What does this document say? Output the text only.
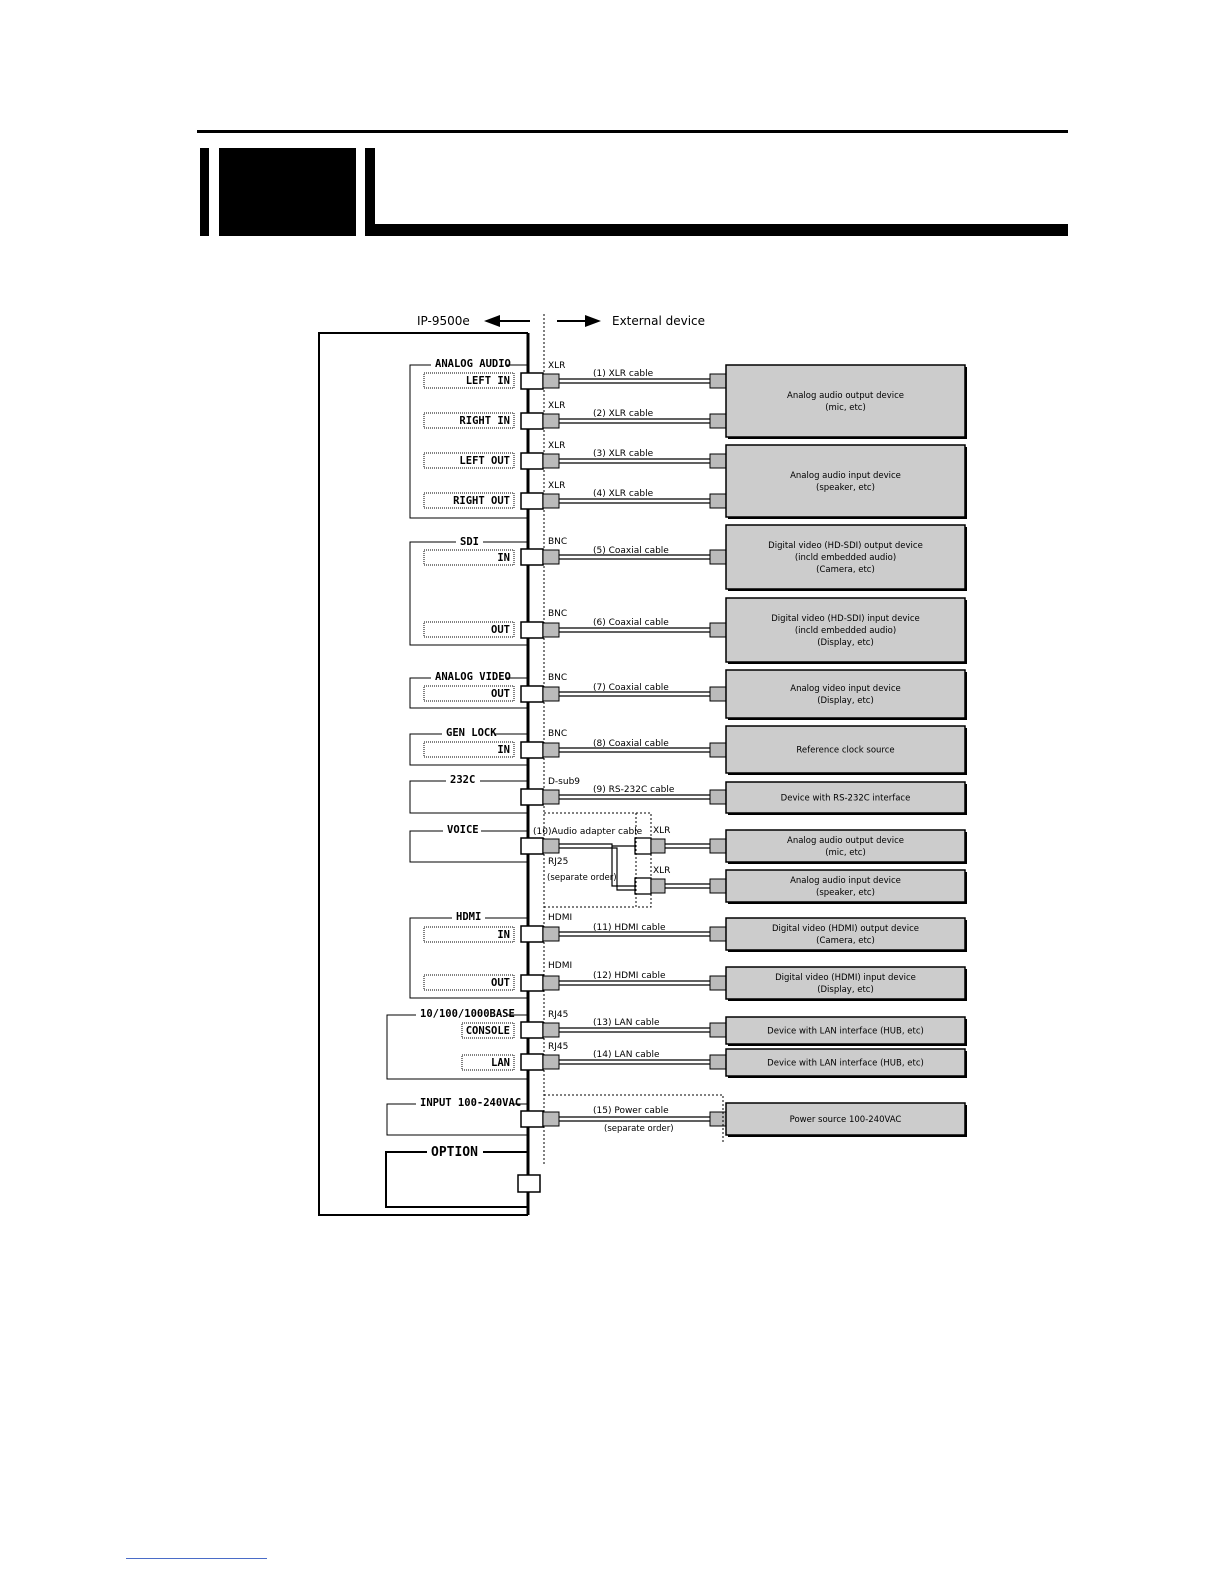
IP-9500e	External device
ANALOG AUDIO
SDI
ANALOG VIDEO
GEN LOCK
232C
VOICE
HDMI
10/100/1000BASE
INPUT 100-240VAC
OPTION
LEFT IN
RIGHT IN
LEFT OUT
RIGHT OUT
IN
OUT
OUT
IN
IN
OUT
CONSOLE
LAN
XLR
XLR
XLR
XLR
BNC
BNC
BNC
BNC
D-sub9
RJ25
HDMI
HDMI
RJ45
RJ45
(1) XLR cable
(2) XLR cable
(3) XLR cable
(4) XLR cable
(5) Coaxial cable
(6) Coaxial cable
(7) Coaxial cable
(8) Coaxial cable
(9) RS-232C cable
(10)Audio adapter cable
(11) HDMI cable
(12) HDMI cable
(13) LAN cable
(14) LAN cable
(15) Power cable
(separate order)
XLR
XLR
(separate order)
Analog audio output device
(mic, etc)
Analog audio input device
(speaker, etc)
Digital video (HD-SDI) output device
(incld embedded audio)
(Camera, etc)
Digital video (HD-SDI) input device
(incld embedded audio)
(Display, etc)
Analog video input device
(Display, etc)
Reference clock source
Device with RS-232C interface
Analog audio output device
(mic, etc)
Analog audio input device
(speaker, etc)
Digital video (HDMI) output device
(Camera, etc)
Digital video (HDMI) input device
(Display, etc)
Device with LAN interface (HUB, etc)
Device with LAN interface (HUB, etc)
Power source 100-240VAC
